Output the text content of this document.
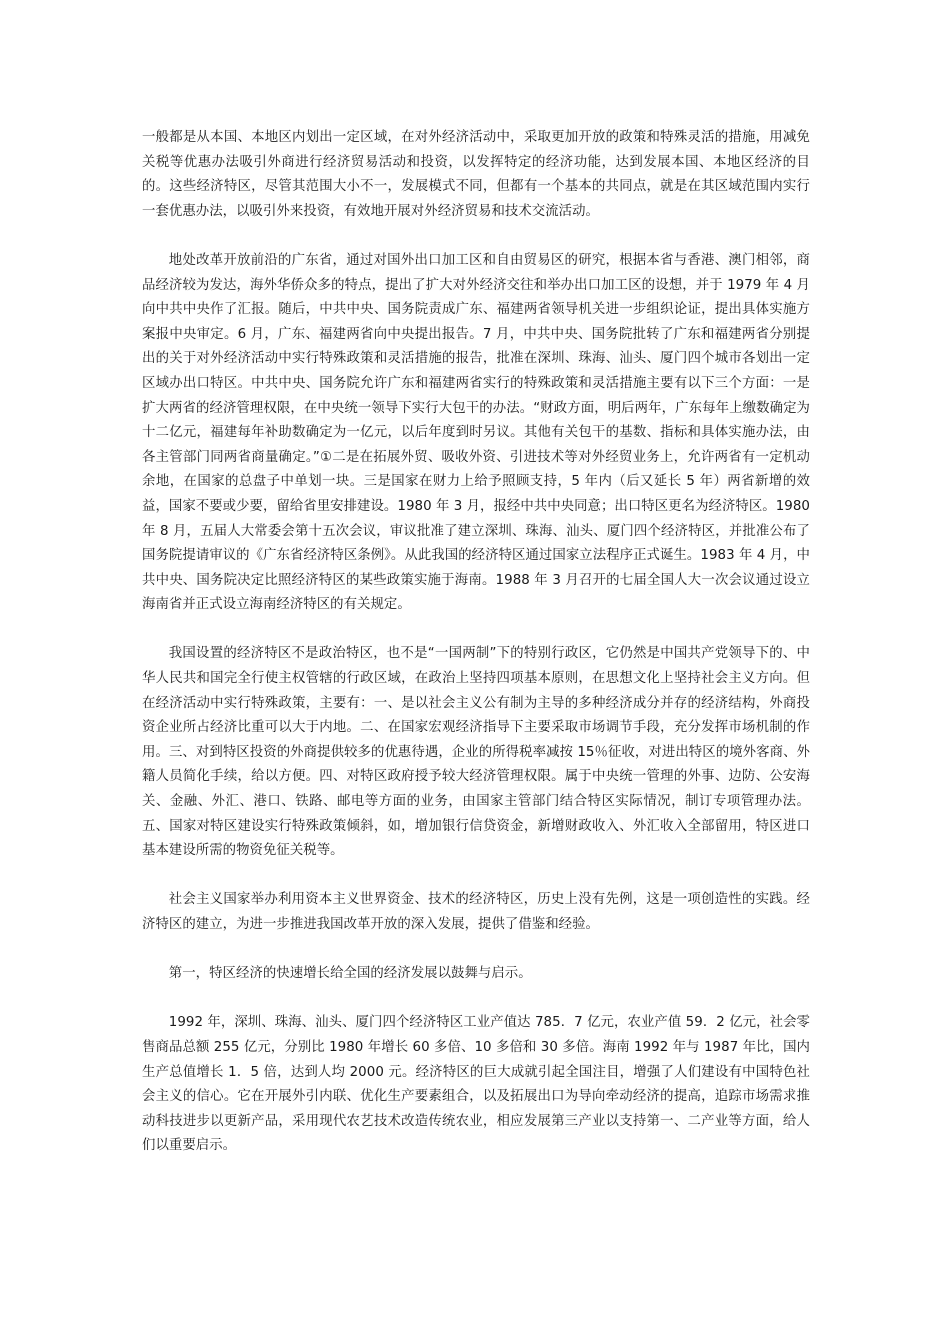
一般都是从本国、本地区内划出一定区域，在对外经济活动中，采取更加开放的政策和特殊灵活的措施，用减免关税等优惠办法吸引外商进行经济贸易活动和投资，以发挥特定的经济功能，达到发展本国、本地区经济的目的。这些经济特区，尽管其范围大小不一，发展模式不同，但都有一个基本的共同点，就是在其区域范围内实行一套优惠办法，以吸引外来投资，有效地开展对外经济贸易和技术交流活动。

地处改革开放前沿的广东省，通过对国外出口加工区和自由贸易区的研究，根据本省与香港、澳门相邻，商品经济较为发达，海外华侨众多的特点，提出了扩大对外经济交往和举办出口加工区的设想，并于 1979 年 4 月向中共中央作了汇报。随后，中共中央、国务院责成广东、福建两省领导机关进一步组织论证，提出具体实施方案报中央审定。6 月，广东、福建两省向中央提出报告。7 月，中共中央、国务院批转了广东和福建两省分别提出的关于对外经济活动中实行特殊政策和灵活措施的报告，批准在深圳、珠海、汕头、厦门四个城市各划出一定区域办出口特区。中共中央、国务院允许广东和福建两省实行的特殊政策和灵活措施主要有以下三个方面：一是扩大两省的经济管理权限，在中央统一领导下实行大包干的办法。“财政方面，明后两年，广东每年上缴数确定为十二亿元，福建每年补助数确定为一亿元，以后年度到时另议。其他有关包干的基数、指标和具体实施办法，由各主管部门同两省商量确定。”①二是在拓展外贸、吸收外资、引进技术等对外经贸业务上，允许两省有一定机动余地，在国家的总盘子中单划一块。三是国家在财力上给予照顾支持，5 年内（后又延长 5 年）两省新增的效益，国家不要或少要，留给省里安排建设。1980 年 3 月，报经中共中央同意；出口特区更名为经济特区。1980 年 8 月，五届人大常委会第十五次会议，审议批准了建立深圳、珠海、汕头、厦门四个经济特区，并批准公布了国务院提请审议的《广东省经济特区条例》。从此我国的经济特区通过国家立法程序正式诞生。1983 年 4 月，中共中央、国务院决定比照经济特区的某些政策实施于海南。1988 年 3 月召开的七届全国人大一次会议通过设立海南省并正式设立海南经济特区的有关规定。

我国设置的经济特区不是政治特区，也不是“一国两制”下的特别行政区，它仍然是中国共产党领导下的、中华人民共和国完全行使主权管辖的行政区域，在政治上坚持四项基本原则，在思想文化上坚持社会主义方向。但在经济活动中实行特殊政策，主要有：一、是以社会主义公有制为主导的多种经济成分并存的经济结构，外商投资企业所占经济比重可以大于内地。二、在国家宏观经济指导下主要采取市场调节手段，充分发挥市场机制的作用。三、对到特区投资的外商提供较多的优惠待遇，企业的所得税率减按 15％征收，对进出特区的境外客商、外籍人员简化手续，给以方便。四、对特区政府授予较大经济管理权限。属于中央统一管理的外事、边防、公安海关、金融、外汇、港口、铁路、邮电等方面的业务，由国家主管部门结合特区实际情况，制订专项管理办法。五、国家对特区建设实行特殊政策倾斜，如，增加银行信贷资金，新增财政收入、外汇收入全部留用，特区进口基本建设所需的物资免征关税等。

社会主义国家举办利用资本主义世界资金、技术的经济特区，历史上没有先例，这是一项创造性的实践。经济特区的建立，为进一步推进我国改革开放的深入发展，提供了借鉴和经验。

第一，特区经济的快速增长给全国的经济发展以鼓舞与启示。

1992 年，深圳、珠海、汕头、厦门四个经济特区工业产值达 785．7 亿元，农业产值 59．2 亿元，社会零售商品总额 255 亿元，分别比 1980 年增长 60 多倍、10 多倍和 30 多倍。海南 1992 年与 1987 年比，国内生产总值增长 1．5 倍，达到人均 2000 元。经济特区的巨大成就引起全国注目，增强了人们建设有中国特色社会主义的信心。它在开展外引内联、优化生产要素组合，以及拓展出口为导向牵动经济的提高，追踪市场需求推动科技进步以更新产品，采用现代农艺技术改造传统农业，相应发展第三产业以支持第一、二产业等方面，给人们以重要启示。
